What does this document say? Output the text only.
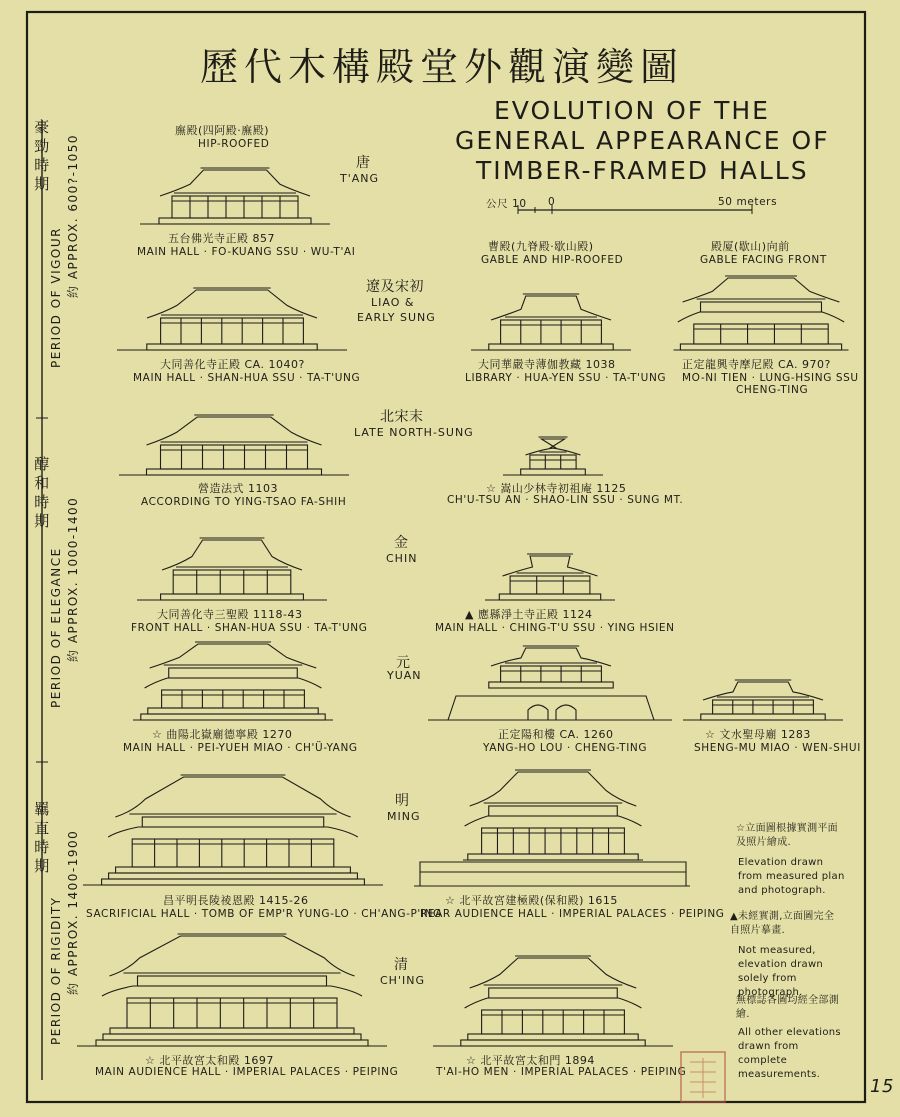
歷代木構殿堂外觀演變圖
EVOLUTION OF THE
GENERAL APPEARANCE OF
TIMBER-FRAMED HALLS
公尺 10 0	50 meters
廡殿(四阿殿·廡殿)
HIP-ROOFED
曹殿(九脊殿·歇山殿)
GABLE AND HIP-ROOFED
殿厦(歇山)向前
GABLE FACING FRONT
豪勁時期
PERIOD OF VIGOUR 約 APPROX. 600?-1050
醇和時期
PERIOD OF ELEGANCE 約 APPROX. 1000-1400
羈直時期
PERIOD OF RIGIDITY 約 APPROX. 1400-1900
唐
T'ANG
遼及宋初
LIAO &
EARLY SUNG
北宋末
LATE NORTH-SUNG
金
CHIN
元
YUAN
明
MING
清
CH'ING
五台佛光寺正殿 857
MAIN HALL · FO-KUANG SSU · WU-T'AI
大同善化寺正殿 CA. 1040?
MAIN HALL · SHAN-HUA SSU · TA-T'UNG
大同華嚴寺薄伽教藏 1038
LIBRARY · HUA-YEN SSU · TA-T'UNG
正定龍興寺摩尼殿 CA. 970?
MO-NI TIEN · LUNG-HSING SSU
CHENG-TING
營造法式 1103
ACCORDING TO YING-TSAO FA-SHIH
☆ 嵩山少林寺初祖庵 1125
CH'U-TSU AN · SHAO-LIN SSU · SUNG MT.
大同善化寺三聖殿 1118-43
FRONT HALL · SHAN-HUA SSU · TA-T'UNG
▲ 應縣淨土寺正殿 1124
MAIN HALL · CHING-T'U SSU · YING HSIEN
☆ 曲陽北嶽廟德寧殿 1270
MAIN HALL · PEI-YUEH MIAO · CH'Ü-YANG
正定陽和樓 CA. 1260
YANG-HO LOU · CHENG-TING
☆ 文水聖母廟 1283
SHENG-MU MIAO · WEN-SHUI
昌平明長陵祾恩殿 1415-26
SACRIFICIAL HALL · TOMB OF EMP'R YUNG-LO · CH'ANG-P'ING
☆ 北平故宮建極殿(保和殿) 1615
REAR AUDIENCE HALL · IMPERIAL PALACES · PEIPING
☆ 北平故宮太和殿 1697
MAIN AUDIENCE HALL · IMPERIAL PALACES · PEIPING
☆ 北平故宮太和門 1894
T'AI-HO MEN · IMPERIAL PALACES · PEIPING
☆立面圖根據實測平面及照片繪成.
Elevation drawn from measured plan and photograph.
▲未經實測,立面圖完全自照片摹畫.
Not measured, elevation drawn solely from photograph.
無標誌各圖均經全部測繪.
All other elevations drawn from complete measurements.
15
